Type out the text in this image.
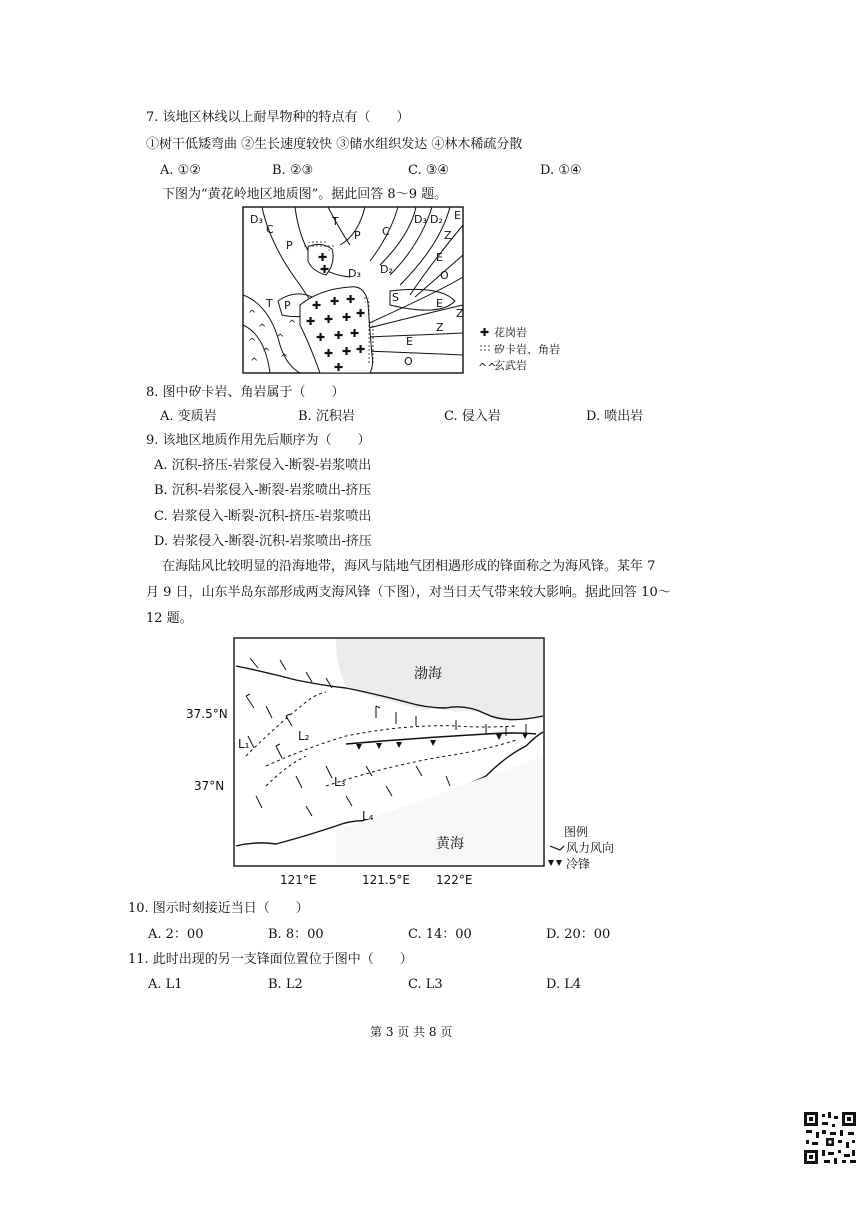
7. 该地区林线以上耐旱物种的特点有（　　）
①树干低矮弯曲 ②生长速度较快 ③储水组织发达 ④林木稀疏分散
A. ①②	B. ②③	C. ③④	D. ①④
下图为“黄花岭地区地质图”。据此回答 8～9 题。
✚
✚
✚ ✚ ✚
✚ ✚ ✚ ✚
✚ ✚ ✚
✚ ✚ ✚
✚
^
^
^
^
^
^
^
^
D₃
C
P
T
P C
D₃ D₂ E
Z
E
O
S	E
Z
Z
E
O
D₃ D₂
T P
✚ 花岗岩
矽卡岩、角岩
^^
玄武岩
8. 图中矽卡岩、角岩属于（　　）
A. 变质岩	B. 沉积岩	C. 侵入岩	D. 喷出岩
9. 该地区地质作用先后顺序为（　　）
A. 沉积-挤压-岩浆侵入-断裂-岩浆喷出
B. 沉积-岩浆侵入-断裂-岩浆喷出-挤压
C. 岩浆侵入-断裂-沉积-挤压-岩浆喷出
D. 岩浆侵入-断裂-沉积-岩浆喷出-挤压
在海陆风比较明显的沿海地带，海风与陆地气团相遇形成的锋面称之为海风锋。某年 7
月 9 日，山东半岛东部形成两支海风锋（下图），对当日天气带来较大影响。据此回答 10～
12 题。
渤海
黄海
37.5°N
37°N
121°E	121.5°E 122°E
L₁
L₂
L₃
L₄
图例
风力风向
冷锋
10. 图示时刻接近当日（　　）
A. 2：00	B. 8：00	C. 14：00	D. 20：00
11. 此时出现的另一支锋面位置位于图中（　　）
A. L1	B. L2	C. L3	D. L4
第 3 页 共 8 页
